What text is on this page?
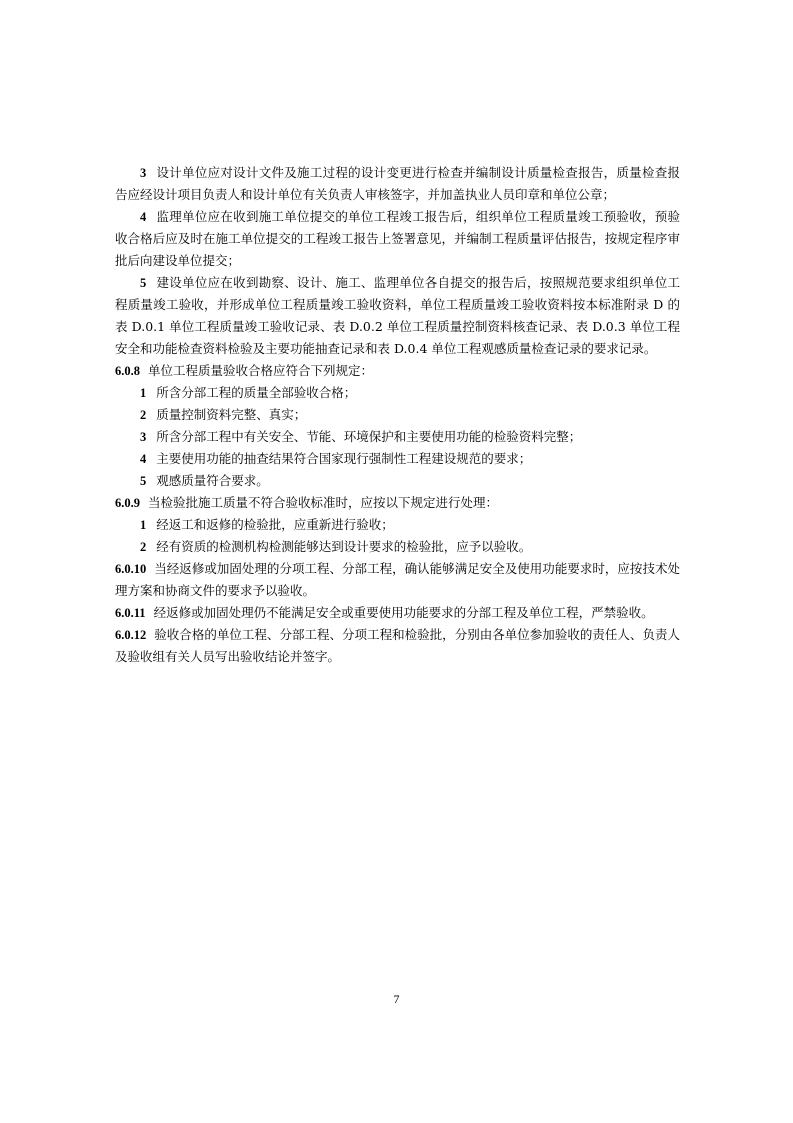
3 设计单位应对设计文件及施工过程的设计变更进行检查并编制设计质量检查报告，质量检查报告应经设计项目负责人和设计单位有关负责人审核签字，并加盖执业人员印章和单位公章；

4 监理单位应在收到施工单位提交的单位工程竣工报告后，组织单位工程质量竣工预验收，预验收合格后应及时在施工单位提交的工程竣工报告上签署意见，并编制工程质量评估报告，按规定程序审批后向建设单位提交；

5 建设单位应在收到勘察、设计、施工、监理单位各自提交的报告后，按照规范要求组织单位工程质量竣工验收，并形成单位工程质量竣工验收资料，单位工程质量竣工验收资料按本标准附录 D 的表 D.0.1 单位工程质量竣工验收记录、表 D.0.2 单位工程质量控制资料核查记录、表 D.0.3 单位工程安全和功能检查资料检验及主要功能抽查记录和表 D.0.4 单位工程观感质量检查记录的要求记录。

6.0.8 单位工程质量验收合格应符合下列规定：

1 所含分部工程的质量全部验收合格；

2 质量控制资料完整、真实；

3 所含分部工程中有关安全、节能、环境保护和主要使用功能的检验资料完整；

4 主要使用功能的抽查结果符合国家现行强制性工程建设规范的要求；

5 观感质量符合要求。

6.0.9 当检验批施工质量不符合验收标准时，应按以下规定进行处理：

1 经返工和返修的检验批，应重新进行验收；

2 经有资质的检测机构检测能够达到设计要求的检验批，应予以验收。

6.0.10 当经返修或加固处理的分项工程、分部工程，确认能够满足安全及使用功能要求时，应按技术处理方案和协商文件的要求予以验收。

6.0.11 经返修或加固处理仍不能满足安全或重要使用功能要求的分部工程及单位工程，严禁验收。

6.0.12 验收合格的单位工程、分部工程、分项工程和检验批，分别由各单位参加验收的责任人、负责人及验收组有关人员写出验收结论并签字。

7
